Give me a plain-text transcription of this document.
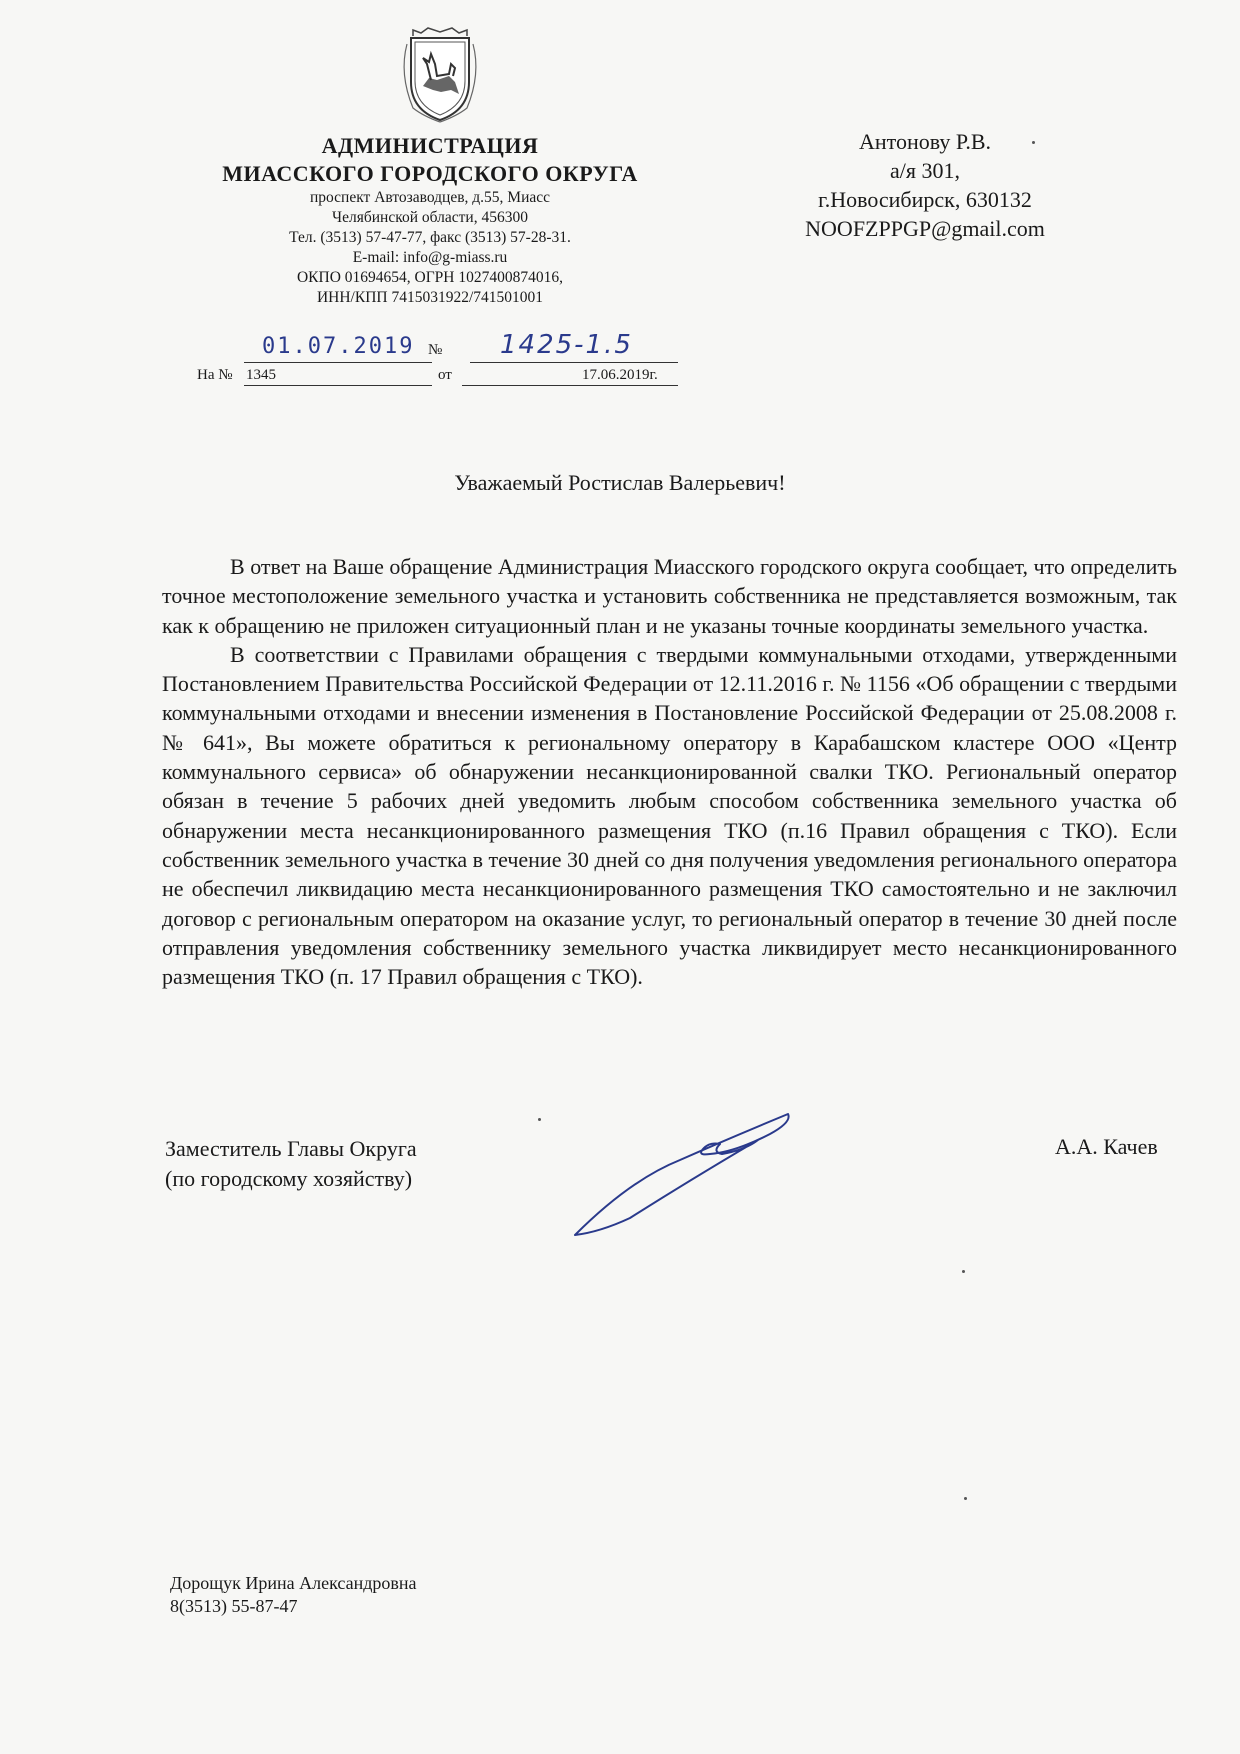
АДМИНИСТРАЦИЯ
МИАССКОГО ГОРОДСКОГО ОКРУГА
проспект Автозаводцев, д.55, Миасс
Челябинской области, 456300
Тел. (3513) 57-47-77, факс (3513) 57-28-31.
E-mail: info@g-miass.ru
ОКПО 01694654, ОГРН 1027400874016,
ИНН/КПП 7415031922/741501001
Антонову Р.В.
а/я 301,
г.Новосибирск, 630132
NOOFZPPGP@gmail.com
01.07.2019 № 1425-1.5
На № 1345	от	17.06.2019г.
Уважаемый Ростислав Валерьевич!

В ответ на Ваше обращение Администрация Миасского городского округа сообщает, что определить точное местоположение земельного участка и установить собственника не представляется возможным, так как к обращению не приложен ситуационный план и не указаны точные координаты земельного участка.

В соответствии с Правилами обращения с твердыми коммунальными отходами, утвержденными Постановлением Правительства Российской Федерации от 12.11.2016 г. № 1156 «Об обращении с твердыми коммунальными отходами и внесении изменения в Постановление Российской Федерации от 25.08.2008 г. № 641», Вы можете обратиться к региональному оператору в Карабашском кластере ООО «Центр коммунального сервиса» об обнаружении несанкционированной свалки ТКО. Региональный оператор обязан в течение 5 рабочих дней уведомить любым способом собственника земельного участка об обнаружении места несанкционированного размещения ТКО (п.16 Правил обращения с ТКО). Если собственник земельного участка в течение 30 дней со дня получения уведомления регионального оператора не обеспечил ликвидацию места несанкционированного размещения ТКО самостоятельно и не заключил договор с региональным оператором на оказание услуг, то региональный оператор в течение 30 дней после отправления уведомления собственнику земельного участка ликвидирует место несанкционированного размещения ТКО (п. 17 Правил обращения с ТКО).

Заместитель Главы Округа
(по городскому хозяйству)
А.А. Качев
Дорощук Ирина Александровна
8(3513) 55-87-47
